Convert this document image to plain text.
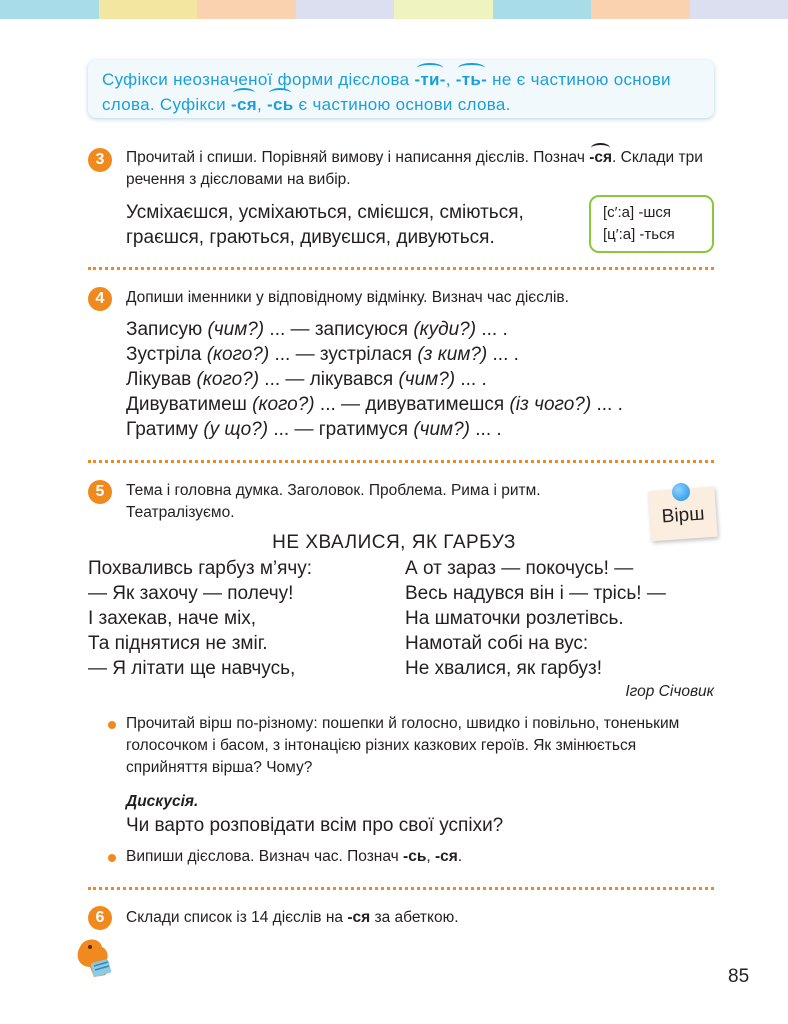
Суфікси неозначеної форми дієслова -ти-, -ть- не є частиною основи слова. Суфікси -ся, -сь є частиною основи слова.
3	Прочитай і спиши. Порівняй вимову і написання дієслів. Познач -ся. Склади три речення з дієсловами на вибір.
Усміхаєшся, усміхаються, смієшся, сміються,
граєшся, граються, дивуєшся, дивуються.
[с′:а] -шся
[ц′:а] -ться
4	Допиши іменники у відповідному відмінку. Визнач час дієслів.
Записую (чим?) ... — записуюся (куди?) ... .
Зустріла (кого?) ... — зустрілася (з ким?) ... .
Лікував (кого?) ... — лікувався (чим?) ... .
Дивуватимеш (кого?) ... — дивуватимешся (із чого?) ... .
Гратиму (у що?) ... — гратимуся (чим?) ... .
5	Тема і головна думка. Заголовок. Проблема. Рима і ритм. Театралізуємо.	Вірш
НЕ ХВАЛИСЯ, ЯК ГАРБУЗ
Похваливсь гарбуз м’ячу:
— Як захочу — полечу!
І захекав, наче міх,
Та піднятися не зміг.
— Я літати ще навчусь,
А от зараз — покочусь! —
Весь надувся він і — трісь! —
На шматочки розлетівсь.
Намотай собі на вус:
Не хвалися, як гарбуз!
Ігор Січовик
Прочитай вірш по-різному: пошепки й голосно, швидко і повільно, тоненьким голосочком і басом, з інтонацією різних казкових героїв. Як змінюється сприйняття вірша? Чому?
Дискусія.
Чи варто розповідати всім про свої успіхи?
Випиши дієслова. Визнач час. Познач -сь, -ся.
6	Склади список із 14 дієслів на -ся за абеткою.
85
